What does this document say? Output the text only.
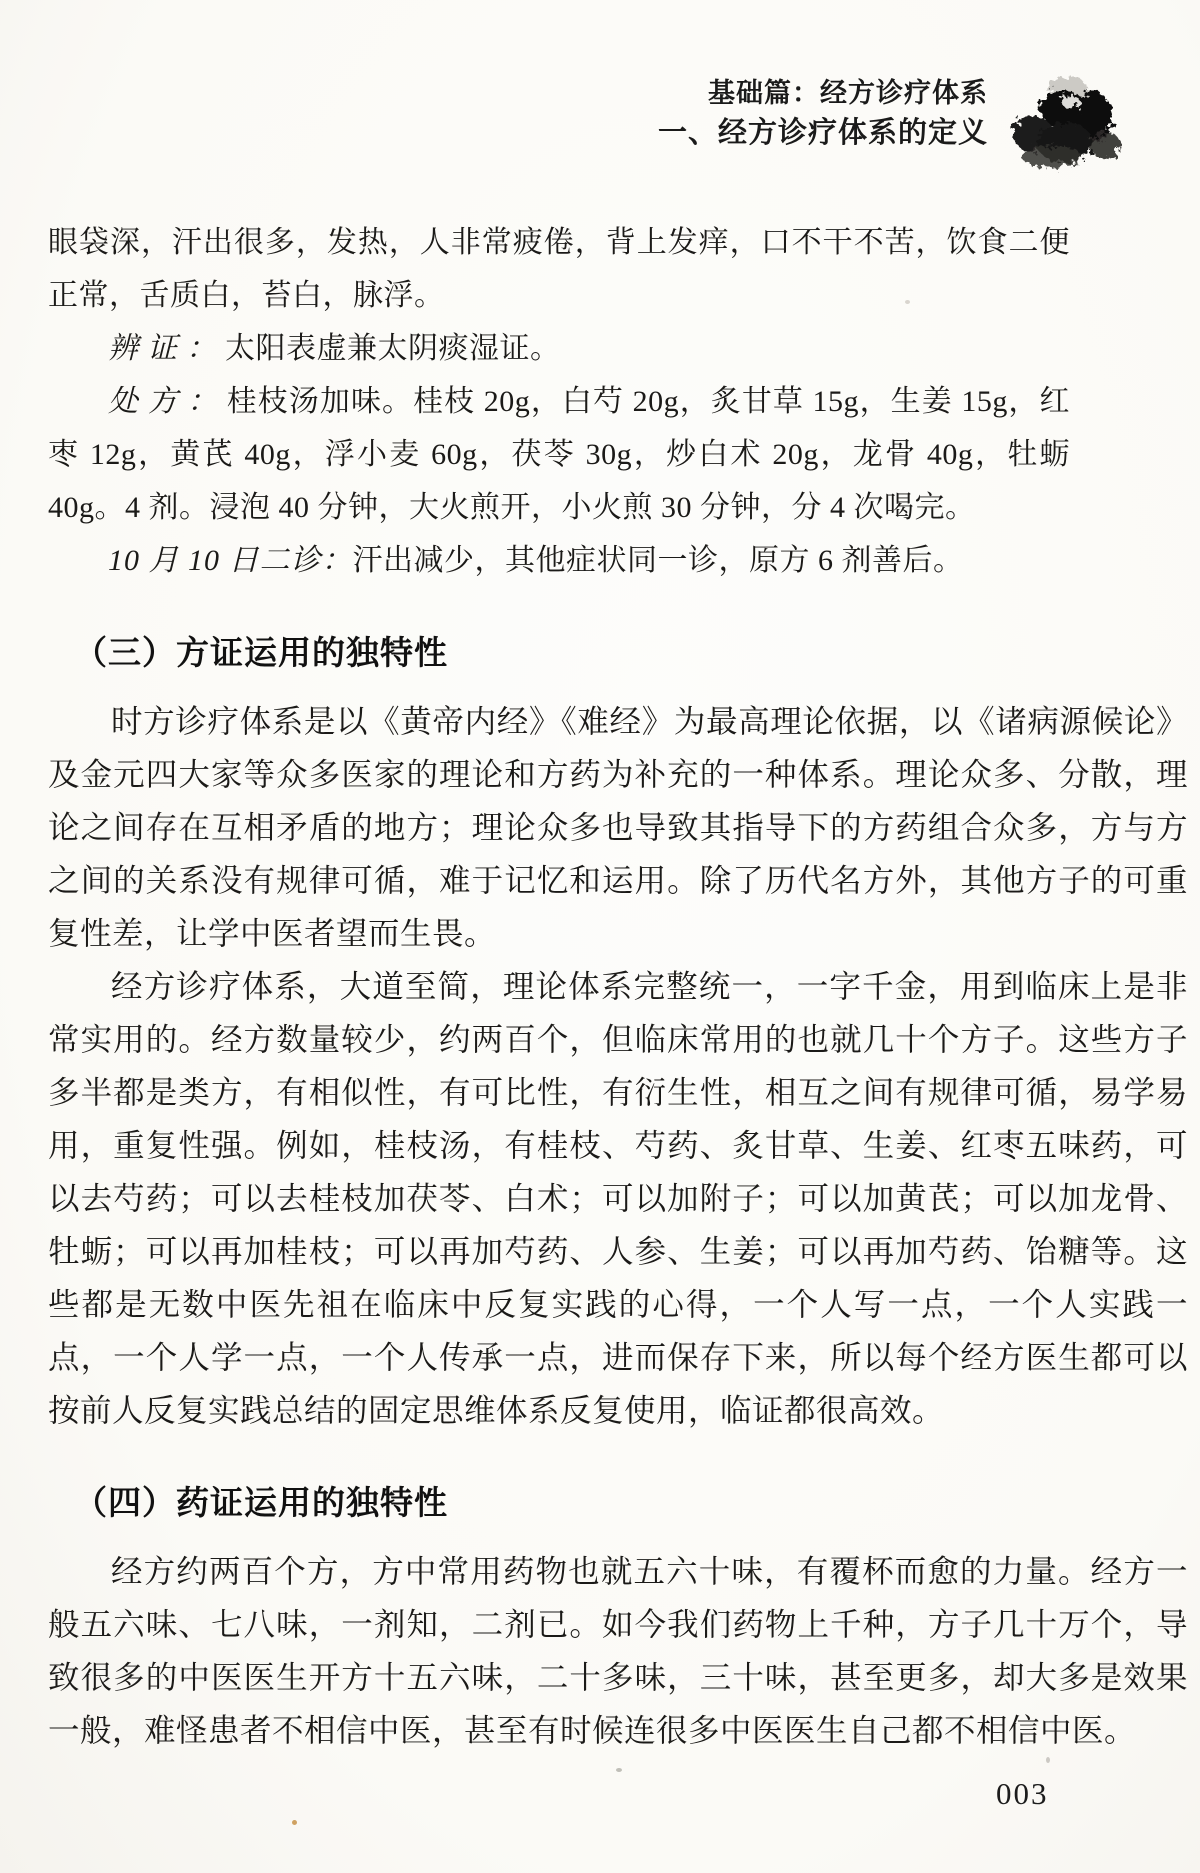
基础篇：经方诊疗体系
一、经方诊疗体系的定义

眼袋深，汗出很多，发热，人非常疲倦，背上发痒，口不干不苦，饮食二便正常，舌质白，苔白，脉浮。

辨证：太阳表虚兼太阴痰湿证。

处方：桂枝汤加味。桂枝 20g，白芍 20g，炙甘草 15g，生姜 15g，红枣 12g，黄芪 40g，浮小麦 60g，茯苓 30g，炒白术 20g，龙骨 40g，牡蛎 40g。4 剂。浸泡 40 分钟，大火煎开，小火煎 30 分钟，分 4 次喝完。

10 月 10 日二诊：汗出减少，其他症状同一诊，原方 6 剂善后。

（三）方证运用的独特性

时方诊疗体系是以《黄帝内经》《难经》为最高理论依据，以《诸病源候论》及金元四大家等众多医家的理论和方药为补充的一种体系。理论众多、分散，理论之间存在互相矛盾的地方；理论众多也导致其指导下的方药组合众多，方与方之间的关系没有规律可循，难于记忆和运用。除了历代名方外，其他方子的可重复性差，让学中医者望而生畏。

经方诊疗体系，大道至简，理论体系完整统一，一字千金，用到临床上是非常实用的。经方数量较少，约两百个，但临床常用的也就几十个方子。这些方子多半都是类方，有相似性，有可比性，有衍生性，相互之间有规律可循，易学易用，重复性强。例如，桂枝汤，有桂枝、芍药、炙甘草、生姜、红枣五味药，可以去芍药；可以去桂枝加茯苓、白术；可以加附子；可以加黄芪；可以加龙骨、牡蛎；可以再加桂枝；可以再加芍药、人参、生姜；可以再加芍药、饴糖等。这些都是无数中医先祖在临床中反复实践的心得，一个人写一点，一个人实践一点，一个人学一点，一个人传承一点，进而保存下来，所以每个经方医生都可以按前人反复实践总结的固定思维体系反复使用，临证都很高效。

（四）药证运用的独特性

经方约两百个方，方中常用药物也就五六十味，有覆杯而愈的力量。经方一般五六味、七八味，一剂知，二剂已。如今我们药物上千种，方子几十万个，导致很多的中医医生开方十五六味，二十多味，三十味，甚至更多，却大多是效果一般，难怪患者不相信中医，甚至有时候连很多中医医生自己都不相信中医。

003
